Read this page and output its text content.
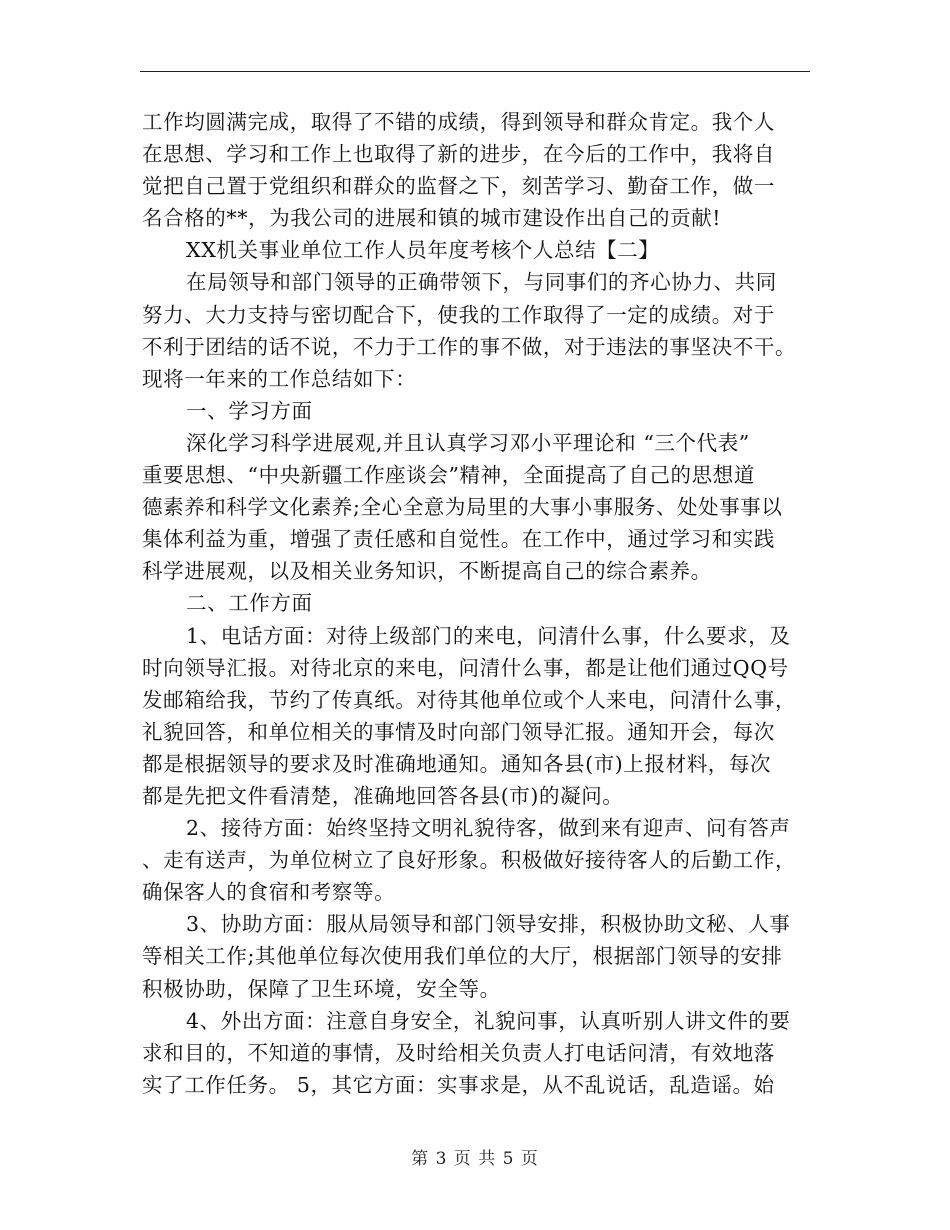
工作均圆满完成，取得了不错的成绩，得到领导和群众肯定。我个人
在思想、学习和工作上也取得了新的进步，在今后的工作中，我将自
觉把自己置于党组织和群众的监督之下，刻苦学习、勤奋工作，做一
名合格的**，为我公司的进展和镇的城市建设作出自己的贡献!
XX机关事业单位工作人员年度考核个人总结【二】
在局领导和部门领导的正确带领下，与同事们的齐心协力、共同
努力、大力支持与密切配合下，使我的工作取得了一定的成绩。对于
不利于团结的话不说，不力于工作的事不做，对于违法的事坚决不干。
现将一年来的工作总结如下：
一、学习方面
深化学习科学进展观,并且认真学习邓小平理论和 “三个代表”
重要思想、“中央新疆工作座谈会”精神，全面提高了自己的思想道
德素养和科学文化素养;全心全意为局里的大事小事服务、处处事事以
集体利益为重，增强了责任感和自觉性。在工作中，通过学习和实践
科学进展观，以及相关业务知识，不断提高自己的综合素养。
二、工作方面
1、电话方面：对待上级部门的来电，问清什么事，什么要求，及
时向领导汇报。对待北京的来电，问清什么事，都是让他们通过QQ号
发邮箱给我，节约了传真纸。对待其他单位或个人来电，问清什么事，
礼貌回答，和单位相关的事情及时向部门领导汇报。通知开会，每次
都是根据领导的要求及时准确地通知。通知各县(市)上报材料，每次
都是先把文件看清楚，准确地回答各县(市)的凝问。
2、接待方面：始终坚持文明礼貌待客，做到来有迎声、问有答声
、走有送声，为单位树立了良好形象。积极做好接待客人的后勤工作，
确保客人的食宿和考察等。
3、协助方面：服从局领导和部门领导安排，积极协助文秘、人事
等相关工作;其他单位每次使用我们单位的大厅，根据部门领导的安排
积极协助，保障了卫生环境，安全等。
4、外出方面：注意自身安全，礼貌问事，认真听别人讲文件的要
求和目的，不知道的事情，及时给相关负责人打电话问清，有效地落
实了工作任务。 5，其它方面：实事求是，从不乱说话，乱造谣。始
第 3 页 共 5 页
